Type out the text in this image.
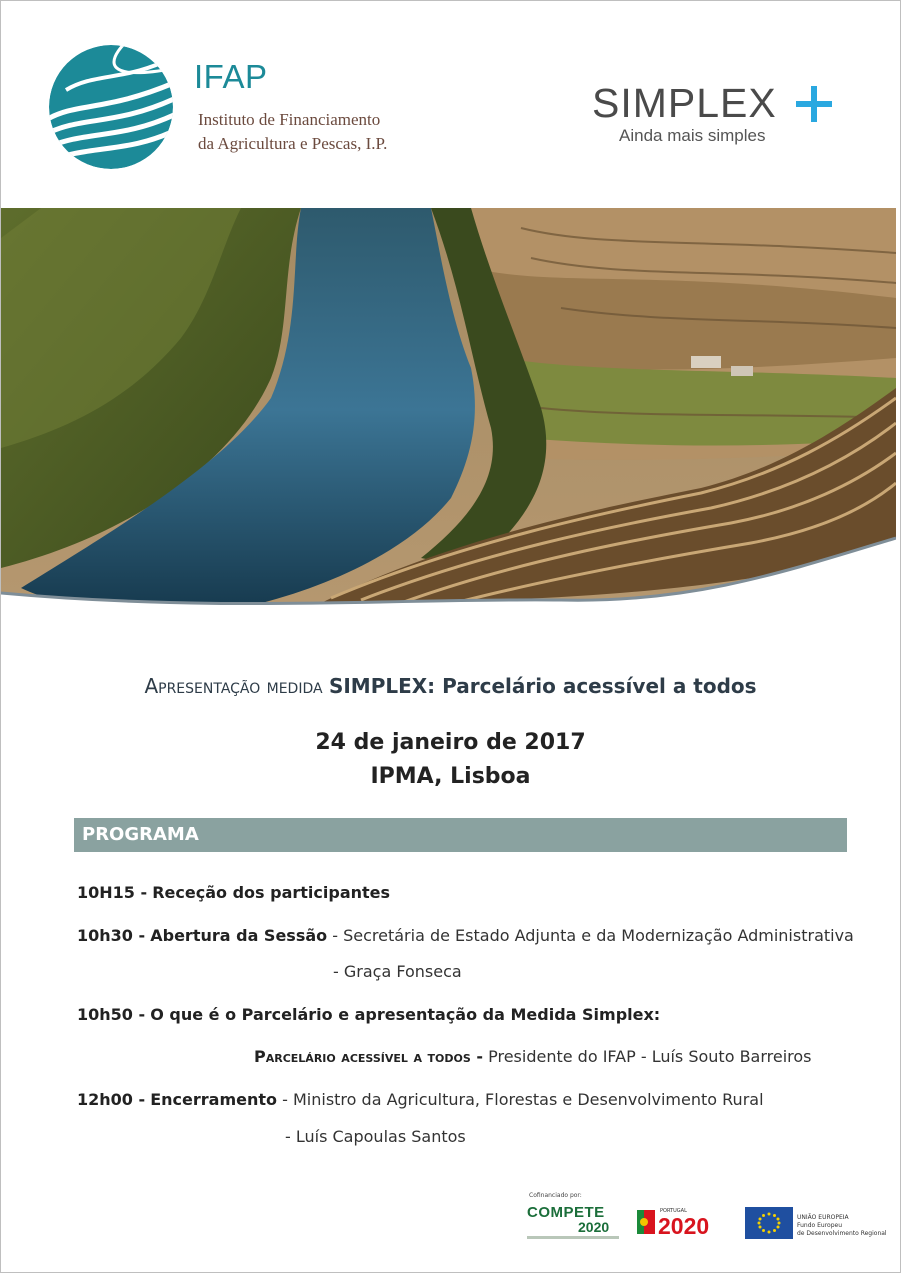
IFAP
Instituto de Financiamento
da Agricultura e Pescas, I.P.
SIMPLEX
Ainda mais simples
Apresentação medida SIMPLEX: Parcelário acessível a todos
24 de janeiro de 2017
IPMA, Lisboa
PROGRAMA
10H15 - Receção dos participantes
10h30 - Abertura da Sessão - Secretária de Estado Adjunta e da Modernização Administrativa
- Graça Fonseca
10h50 - O que é o Parcelário e apresentação da Medida Simplex:
Parcelário acessível a todos - Presidente do IFAP - Luís Souto Barreiros
12h00 - Encerramento - Ministro da Agricultura, Florestas e Desenvolvimento Rural
- Luís Capoulas Santos
Cofinanciado por:
COMPETE
2020
PORTUGAL
2020	UNIÃO EUROPEIA
Fundo Europeu
de Desenvolvimento Regional
